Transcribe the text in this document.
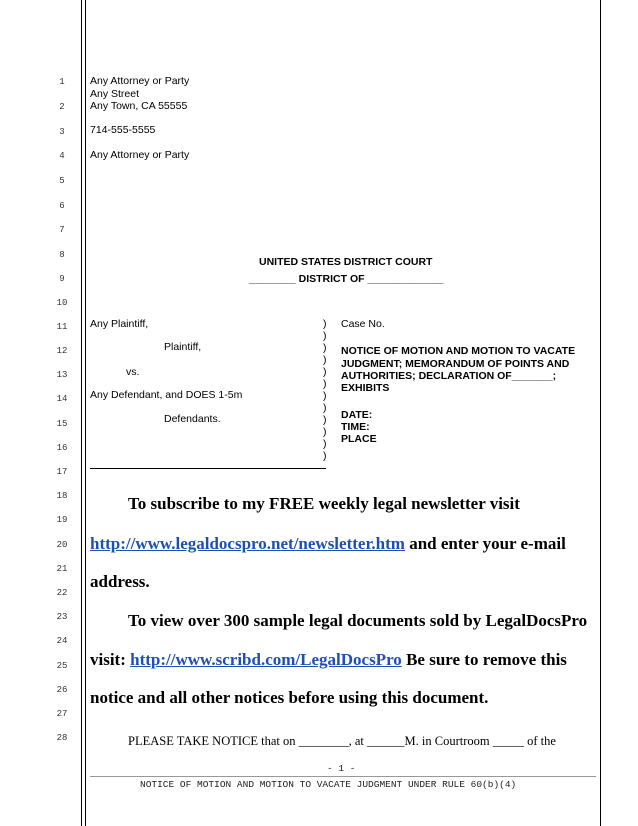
1
2
3
4
5
6
7
8
9
10
11
12
13
14
15
16
17
18
19
20
21
22
23
24
25
26
27
28
Any Attorney or Party
Any Street
Any Town, CA 55555
714-555-5555
Any Attorney or Party
UNITED STATES DISTRICT COURT
________ DISTRICT OF _____________
Any Plaintiff,
Plaintiff,
vs.
Any Defendant, and DOES 1-5m
Defendants.
)
)
)
)
)
)
)
)
)
)
)
)
Case No.
NOTICE OF MOTION AND MOTION TO VACATE
JUDGMENT; MEMORANDUM OF POINTS AND
AUTHORITIES; DECLARATION OF_______;
EXHIBITS
DATE:
TIME:
PLACE
To subscribe to my FREE weekly legal newsletter visit
http://www.legaldocspro.net/newsletter.htm and enter your e-mail
address.
To view over 300 sample legal documents sold by LegalDocsPro
visit: http://www.scribd.com/LegalDocsPro Be sure to remove this
notice and all other notices before using this document.
PLEASE TAKE NOTICE that on ________, at ______M. in Courtroom _____ of the
- 1 -
NOTICE OF MOTION AND MOTION TO VACATE JUDGMENT UNDER RULE 60(b)(4)
